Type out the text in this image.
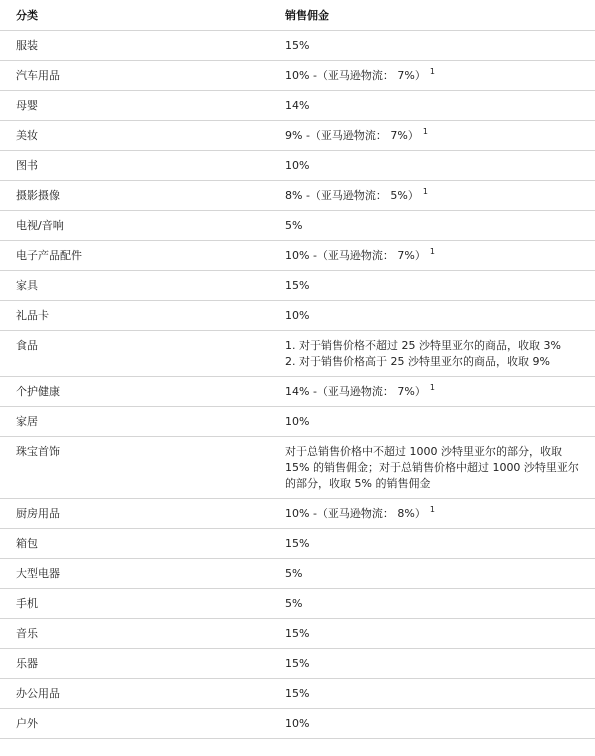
分类	销售佣金
服装	15%
汽车用品	10% -（亚马逊物流： 7%） $^1$
母婴	14%
美妆	9% -（亚马逊物流： 7%） $^1$
图书	10%
摄影摄像	8% -（亚马逊物流： 5%） $^1$
电视/音响	5%
电子产品配件	10% -（亚马逊物流： 7%） $^1$
家具	15%
礼品卡	10%
食品	1. 对于销售价格不超过 25 沙特里亚尔的商品，收取 3%
2. 对于销售价格高于 25 沙特里亚尔的商品，收取 9%

个护健康	14% -（亚马逊物流： 7%） $^1$
家居	10%
珠宝首饰	对于总销售价格中不超过 1000 沙特里亚尔的部分，收取 15% 的销售佣金；对于总销售价格中超过 1000 沙特里亚尔的部分，收取 5% 的销售佣金
厨房用品	10% -（亚马逊物流： 8%） $^1$
箱包	15%
大型电器	5%
手机	5%
音乐	15%
乐器	15%
办公用品	15%
户外	10%
